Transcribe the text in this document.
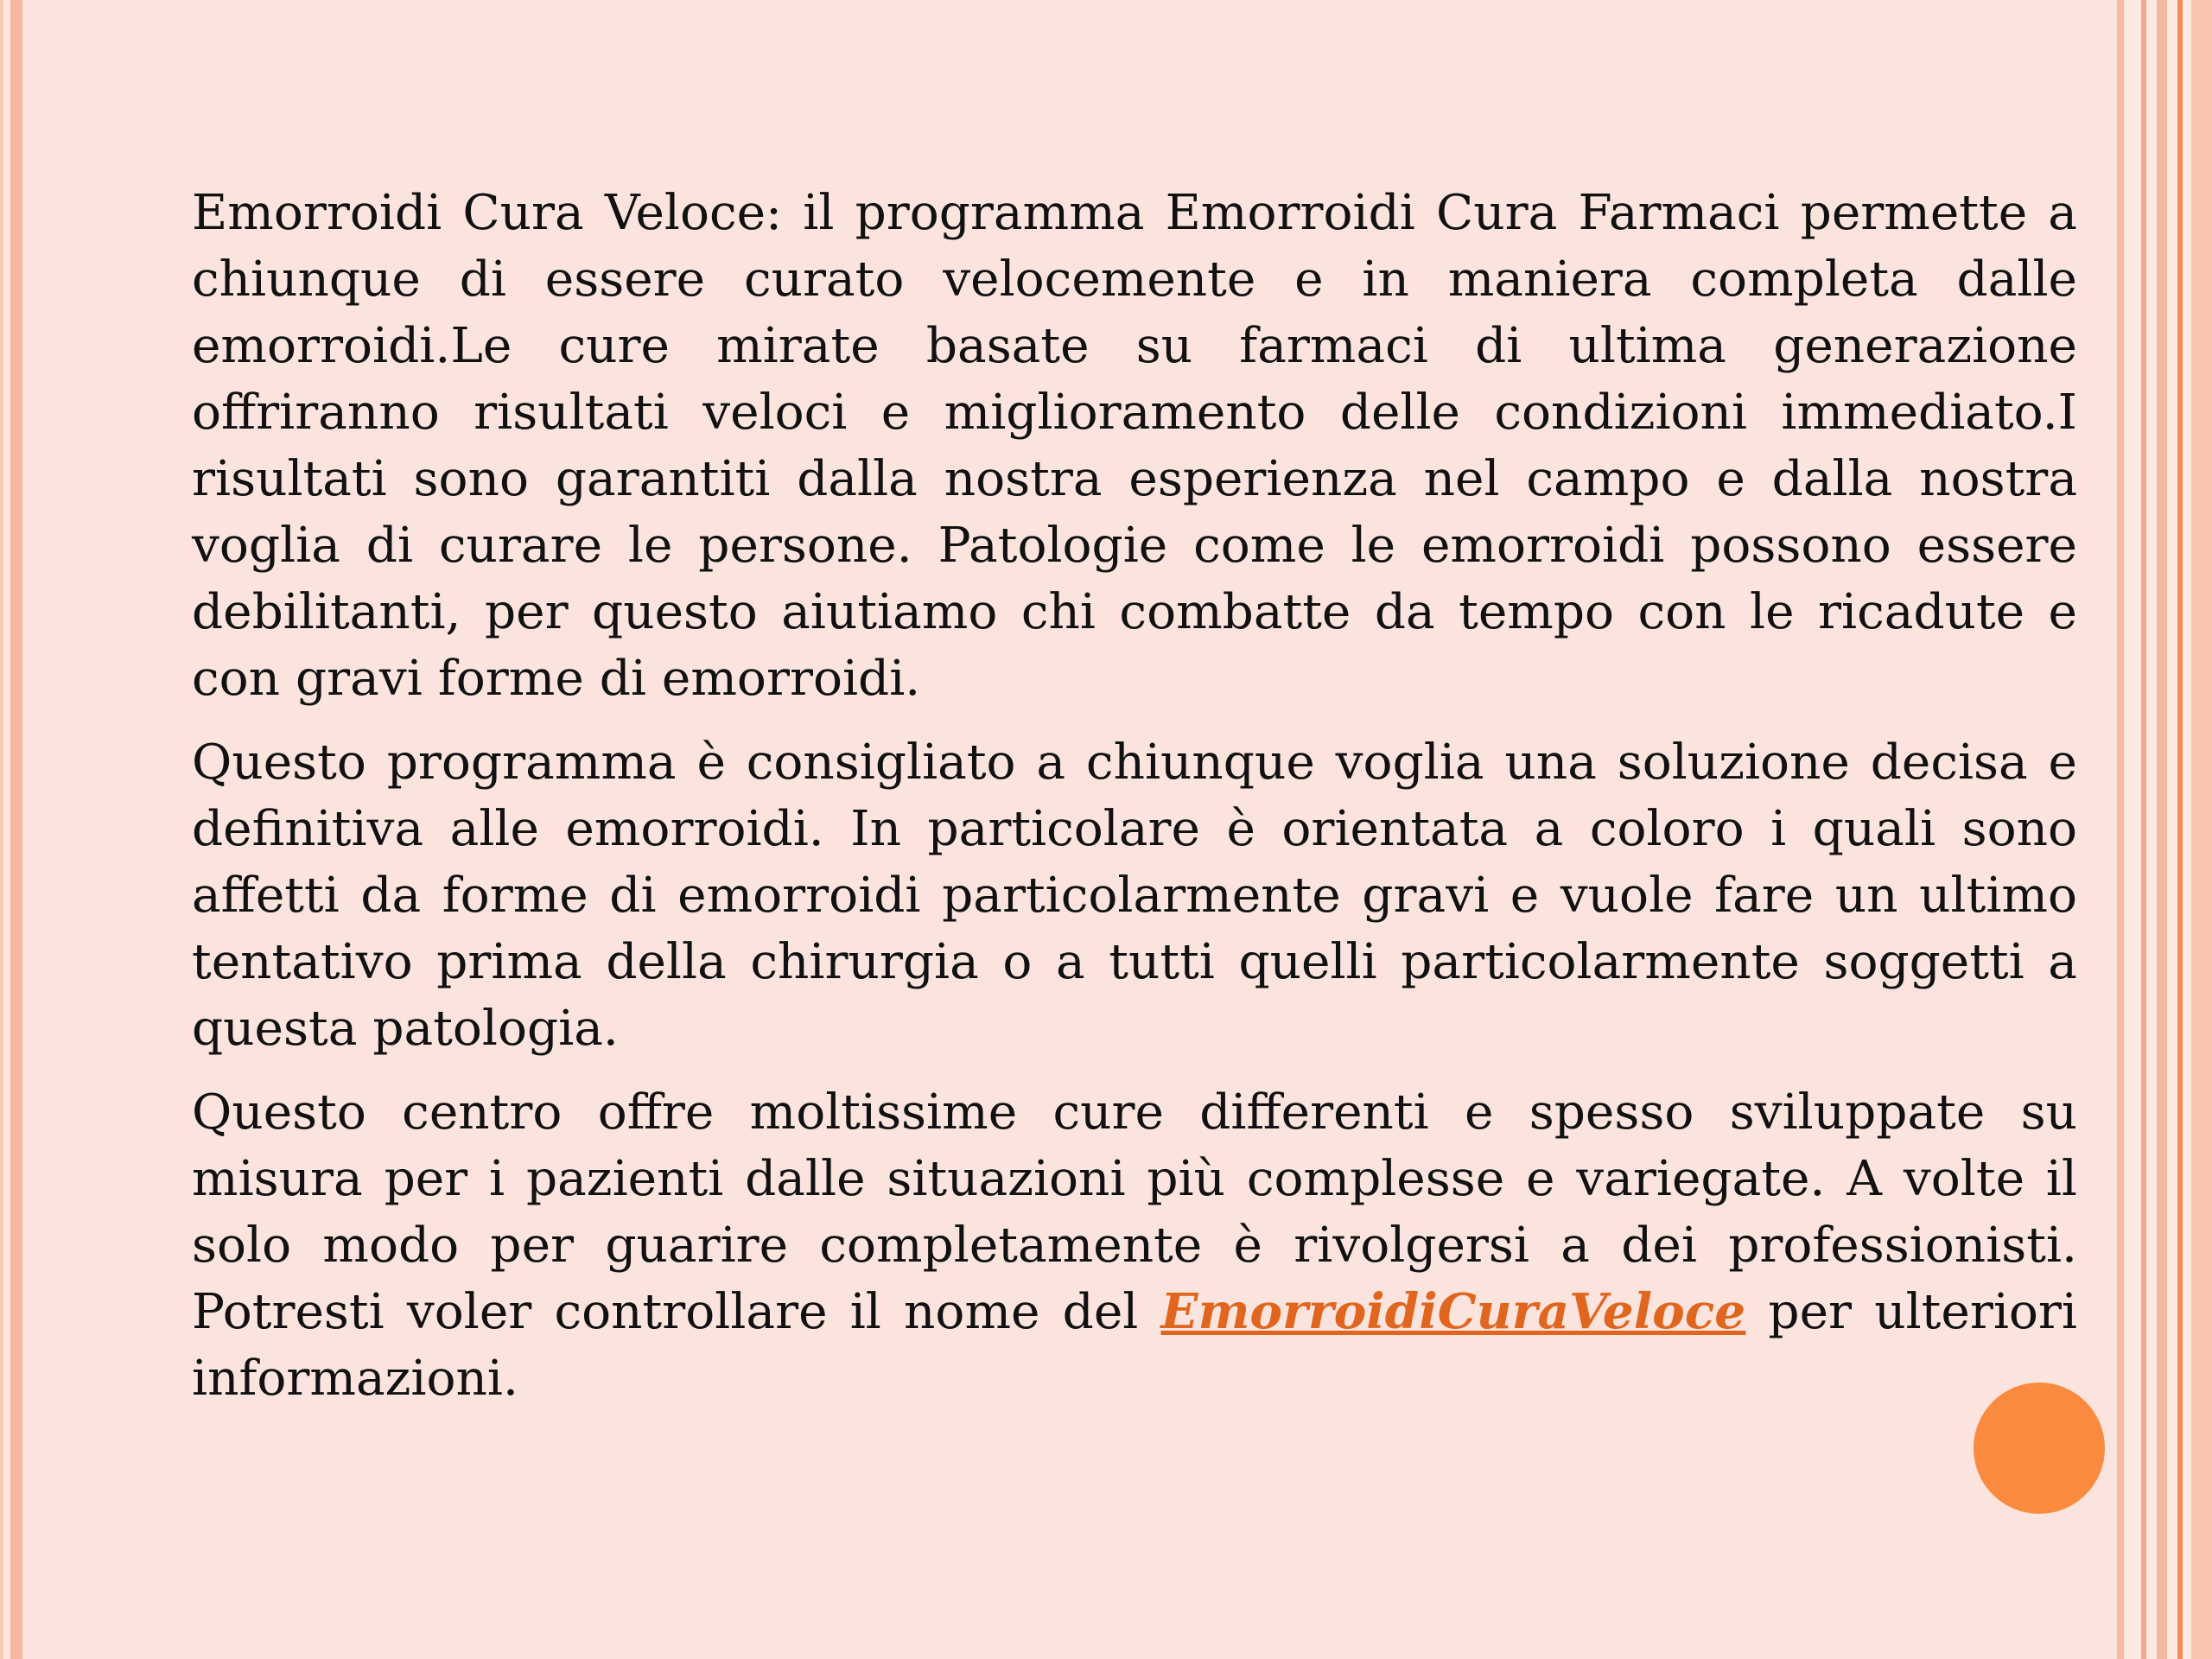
Emorroidi Cura Veloce: il programma Emorroidi Cura Farmaci permette a chiunque di essere curato velocemente e in maniera completa dalle emorroidi.Le cure mirate basate su farmaci di ultima generazione offriranno risultati veloci e miglioramento delle condizioni immediato.I risultati sono garantiti dalla nostra esperienza nel campo e dalla nostra voglia di curare le persone. Patologie come le emorroidi possono essere debilitanti, per questo aiutiamo chi combatte da tempo con le ricadute e con gravi forme di emorroidi.

Questo programma è consigliato a chiunque voglia una soluzione decisa e definitiva alle emorroidi. In particolare è orientata a coloro i quali sono affetti da forme di emorroidi particolarmente gravi e vuole fare un ultimo tentativo prima della chirurgia o a tutti quelli particolarmente soggetti a questa patologia.

Questo centro offre moltissime cure differenti e spesso sviluppate su misura per i pazienti dalle situazioni più complesse e variegate. A volte il solo modo per guarire completamente è rivolgersi a dei professionisti. Potresti voler controllare il nome del EmorroidiCuraVeloce per ulteriori informazioni.
